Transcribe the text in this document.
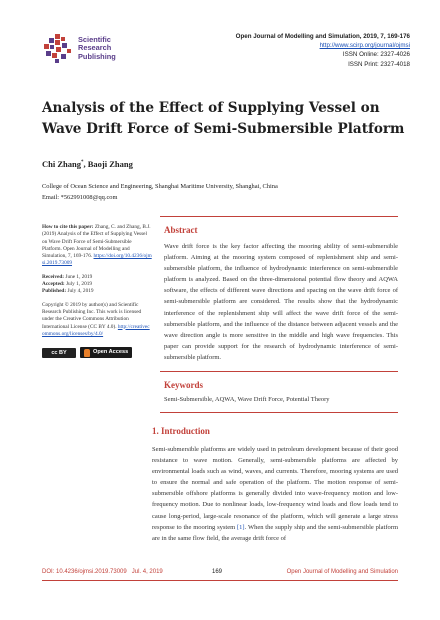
Scientific
Research
Publishing
Open Journal of Modelling and Simulation, 2019, 7, 169-176
http://www.scirp.org/journal/ojmsi
ISSN Online: 2327-4026
ISSN Print: 2327-4018
Analysis of the Effect of Supplying Vessel on
Wave Drift Force of Semi-Submersible Platform
Chi Zhang*, Baoji Zhang
College of Ocean Science and Engineering, Shanghai Maritime University, Shanghai, China
Email: *562991008@qq.com

How to cite this paper: Zhang, C. and Zhang, B.J. (2019) Analysis of the Effect of Supplying Vessel on Wave Drift Force of Semi-Submersible Platform. Open Journal of Modelling and Simulation, 7, 169-176. https://doi.org/10.4236/ojmsi.2019.73009

Received: June 1, 2019

Accepted: July 1, 2019

Published: July 4, 2019

Copyright © 2019 by author(s) and Scientific Research Publishing Inc. This work is licensed under the Creative Commons Attribution International License (CC BY 4.0). http://creativecommons.org/licenses/by/4.0/

cc BY	Open Access
Abstract
Wave drift force is the key factor affecting the mooring ability of semi-submersible platform. Aiming at the mooring system composed of replenishment ship and semi-submersible platform, the influence of hydrodynamic interference on semi-submersible platform is analyzed. Based on the three-dimensional potential flow theory and AQWA software, the effects of different wave directions and spacing on the wave drift force of semi-submersible platform are considered. The results show that the hydrodynamic interference of the replenishment ship will affect the wave drift force of the semi-submersible platform, and the influence of the distance between adjacent vessels and the wave direction angle is more sensitive in the middle and high wave frequencies. This paper can provide support for the research of hydrodynamic interference of semi-submersible platform.
Keywords
Semi-Submersible, AQWA, Wave Drift Force, Potential Theory
1. Introduction
Semi-submersible platforms are widely used in petroleum development because of their good resistance to wave motion. Generally, semi-submersible platforms are affected by environmental loads such as wind, waves, and currents. Therefore, mooring systems are used to ensure the normal and safe operation of the platform. The motion response of semi-submersible offshore platforms is generally divided into wave-frequency motion and low-frequency motion. Due to nonlinear loads, low-frequency wind loads and flow loads tend to cause long-period, large-scale resonance of the platform, which will generate a large stress response to the mooring system [1]. When the supply ship and the semi-submersible platform are in the same flow field, the average drift force of
DOI: 10.4236/ojmsi.2019.73009 Jul. 4, 2019	169	Open Journal of Modelling and Simulation
